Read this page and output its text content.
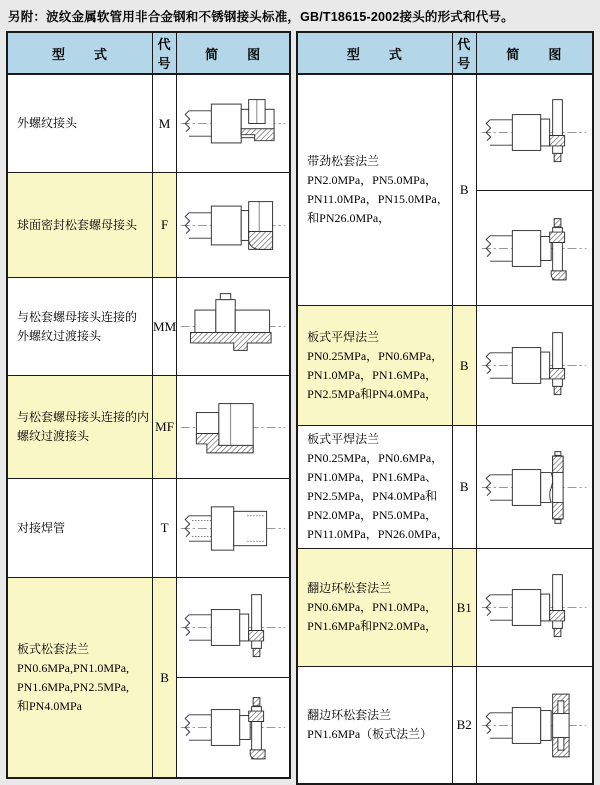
另附：波纹金属软管用非合金钢和不锈钢接头标准，GB/T18615-2002接头的形式和代号。
型　　式	代号	简　　图

外螺纹接头	M	

球面密封松套螺母接头	F	

与松套螺母接头连接的
外螺纹过渡接头	MM	

与松套螺母接头连接的内
螺纹过渡接头	MF	

对接焊管	T	

板式松套法兰
PN0.6MPa,PN1.0MPa,
PN1.6MPa,PN2.5MPa,
和PN4.0MPa	B	

型　　式	代号	简　　图

带劲松套法兰
PN2.0MPa，PN5.0MPa，
PN11.0MPa，PN15.0MPa，
和PN26.0MPa，	B	

板式平焊法兰
PN0.25MPa，PN0.6MPa，
PN1.0MPa，PN1.6MPa，
PN2.5MPa和PN4.0MPa，	B	

板式平焊法兰
PN0.25MPa，PN0.6MPa，
PN1.0MPa，PN1.6MPa、
PN2.5MPa，PN4.0MPa和
PN2.0MPa，PN5.0MPa，
PN11.0MPa，PN26.0MPa，
	B	

翻边环松套法兰
PN0.6MPa，PN1.0MPa，
PN1.6MPa和PN2.0MPa，	B1	

翻边环松套法兰
PN1.6MPa（板式法兰）	B2	
